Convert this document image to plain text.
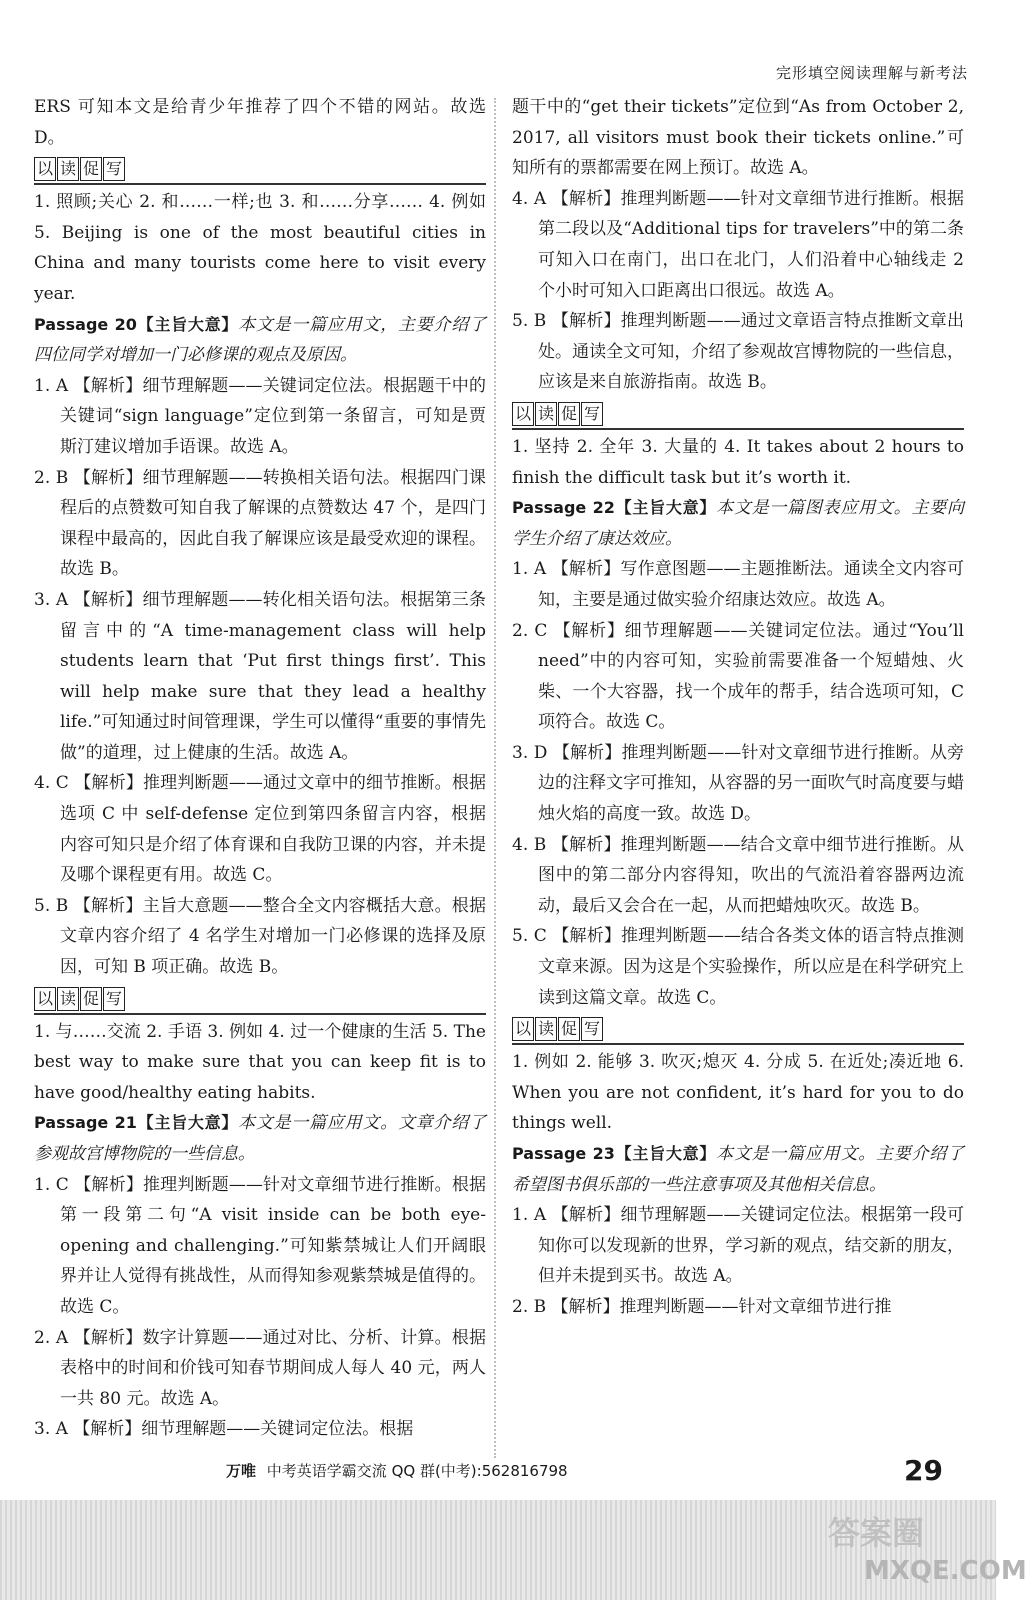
完形填空阅读理解与新考法

ERS 可知本文是给青少年推荐了四个不错的网站。故选 D。

以 读 促 写

1. 照顾;关心 2. 和……一样;也 3. 和……分享…… 4. 例如 5. Beijing is one of the most beautiful cities in China and many tourists come here to visit every year.

Passage 20【主旨大意】本文是一篇应用文，主要介绍了四位同学对增加一门必修课的观点及原因。

1. A 【解析】细节理解题——关键词定位法。根据题干中的关键词“sign language”定位到第一条留言，可知是贾斯汀建议增加手语课。故选 A。

2. B 【解析】细节理解题——转换相关语句法。根据四门课程后的点赞数可知自我了解课的点赞数达 47 个，是四门课程中最高的，因此自我了解课应该是最受欢迎的课程。故选 B。

3. A 【解析】细节理解题——转化相关语句法。根据第三条留言中的“A time-management class will help students learn that ‘Put first things first’. This will help make sure that they lead a healthy life.”可知通过时间管理课，学生可以懂得“重要的事情先做”的道理，过上健康的生活。故选 A。

4. C 【解析】推理判断题——通过文章中的细节推断。根据选项 C 中 self-defense 定位到第四条留言内容，根据内容可知只是介绍了体育课和自我防卫课的内容，并未提及哪个课程更有用。故选 C。

5. B 【解析】主旨大意题——整合全文内容概括大意。根据文章内容介绍了 4 名学生对增加一门必修课的选择及原因，可知 B 项正确。故选 B。

以 读 促 写

1. 与……交流 2. 手语 3. 例如 4. 过一个健康的生活 5. The best way to make sure that you can keep fit is to have good/healthy eating habits.

Passage 21【主旨大意】本文是一篇应用文。文章介绍了参观故宫博物院的一些信息。

1. C 【解析】推理判断题——针对文章细节进行推断。根据第一段第二句“A visit inside can be both eye-opening and challenging.”可知紫禁城让人们开阔眼界并让人觉得有挑战性，从而得知参观紫禁城是值得的。故选 C。

2. A 【解析】数字计算题——通过对比、分析、计算。根据表格中的时间和价钱可知春节期间成人每人 40 元，两人一共 80 元。故选 A。

3. A 【解析】细节理解题——关键词定位法。根据

题干中的“get their tickets”定位到“As from October 2, 2017, all visitors must book their tickets online.”可知所有的票都需要在网上预订。故选 A。

4. A 【解析】推理判断题——针对文章细节进行推断。根据第二段以及“Additional tips for travelers”中的第二条可知入口在南门，出口在北门，人们沿着中心轴线走 2 个小时可知入口距离出口很远。故选 A。

5. B 【解析】推理判断题——通过文章语言特点推断文章出处。通读全文可知，介绍了参观故宫博物院的一些信息，应该是来自旅游指南。故选 B。

以 读 促 写

1. 坚持 2. 全年 3. 大量的 4. It takes about 2 hours to finish the difficult task but it’s worth it.

Passage 22【主旨大意】本文是一篇图表应用文。主要向学生介绍了康达效应。

1. A 【解析】写作意图题——主题推断法。通读全文内容可知，主要是通过做实验介绍康达效应。故选 A。

2. C 【解析】细节理解题——关键词定位法。通过“You’ll need”中的内容可知，实验前需要准备一个短蜡烛、火柴、一个大容器，找一个成年的帮手，结合选项可知，C 项符合。故选 C。

3. D 【解析】推理判断题——针对文章细节进行推断。从旁边的注释文字可推知，从容器的另一面吹气时高度要与蜡烛火焰的高度一致。故选 D。

4. B 【解析】推理判断题——结合文章中细节进行推断。从图中的第二部分内容得知，吹出的气流沿着容器两边流动，最后又会合在一起，从而把蜡烛吹灭。故选 B。

5. C 【解析】推理判断题——结合各类文体的语言特点推测文章来源。因为这是个实验操作，所以应是在科学研究上读到这篇文章。故选 C。

以 读 促 写

1. 例如 2. 能够 3. 吹灭;熄灭 4. 分成 5. 在近处;凑近地 6. When you are not confident, it’s hard for you to do things well.

Passage 23【主旨大意】本文是一篇应用文。主要介绍了希望图书俱乐部的一些注意事项及其他相关信息。

1. A 【解析】细节理解题——关键词定位法。根据第一段可知你可以发现新的世界，学习新的观点，结交新的朋友，但并未提到买书。故选 A。

2. B 【解析】推理判断题——针对文章细节进行推

万唯 中考英语学霸交流 QQ 群(中考):562816798	29
答案圈
MXQE.COM
